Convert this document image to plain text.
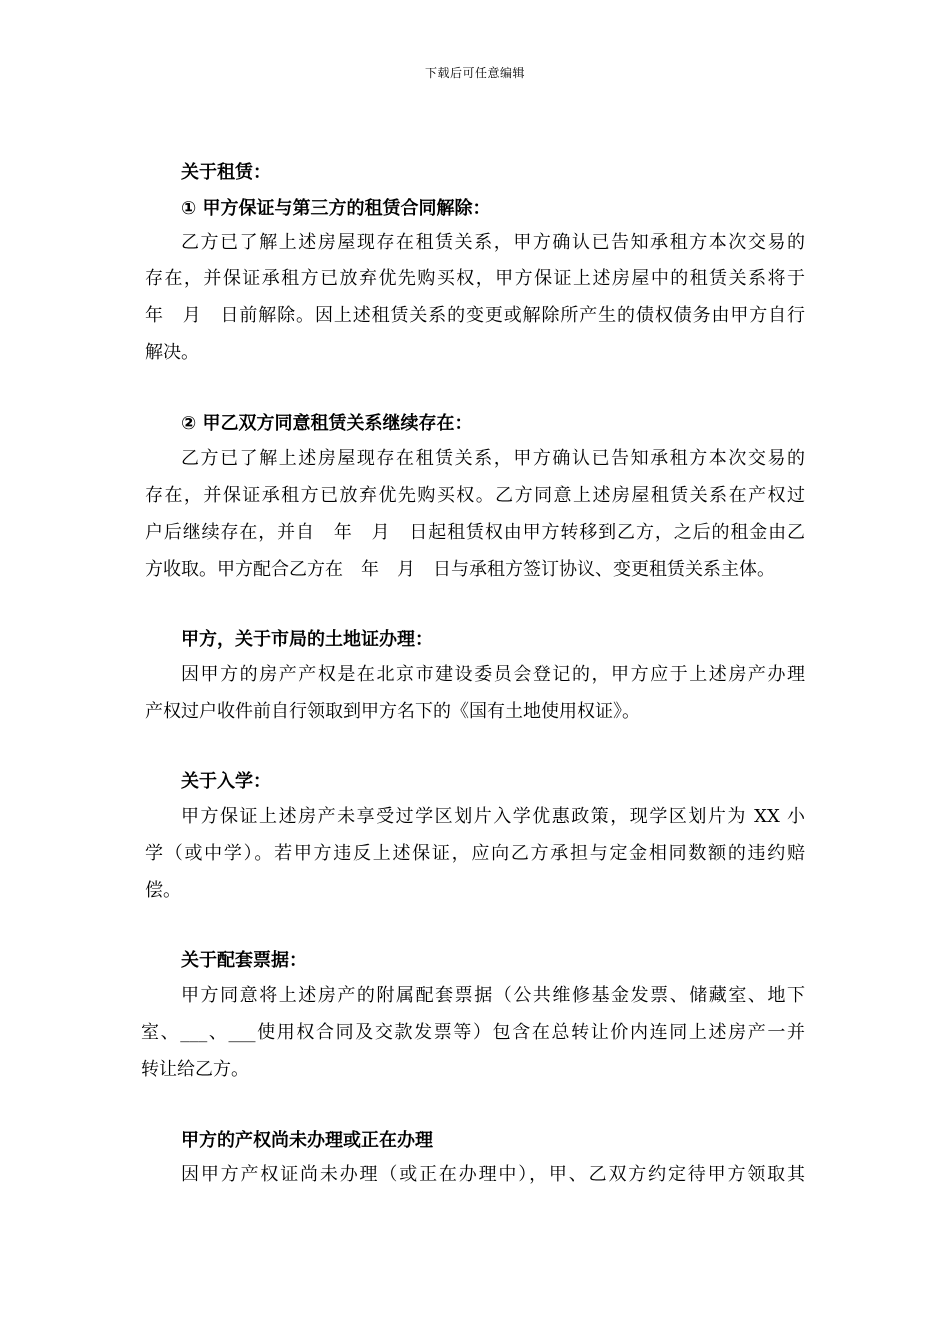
下载后可任意编辑
关于租赁：
① 甲方保证与第三方的租赁合同解除：
乙方已了解上述房屋现存在租赁关系，甲方确认已告知承租方本次交易的
存在，并保证承租方已放弃优先购买权，甲方保证上述房屋中的租赁关系将于
年　月　日前解除。因上述租赁关系的变更或解除所产生的债权债务由甲方自行
解决。
② 甲乙双方同意租赁关系继续存在：
乙方已了解上述房屋现存在租赁关系，甲方确认已告知承租方本次交易的
存在，并保证承租方已放弃优先购买权。乙方同意上述房屋租赁关系在产权过
户后继续存在，并自　年　月　日起租赁权由甲方转移到乙方，之后的租金由乙
方收取。甲方配合乙方在　年　月　日与承租方签订协议、变更租赁关系主体。
甲方，关于市局的土地证办理：
因甲方的房产产权是在北京市建设委员会登记的，甲方应于上述房产办理
产权过户收件前自行领取到甲方名下的《国有土地使用权证》。
关于入学：
甲方保证上述房产未享受过学区划片入学优惠政策，现学区划片为 XX 小
学（或中学）。若甲方违反上述保证，应向乙方承担与定金相同数额的违约赔
偿。
关于配套票据：
甲方同意将上述房产的附属配套票据（公共维修基金发票、储藏室、地下
室、___、___使用权合同及交款发票等）包含在总转让价内连同上述房产一并
转让给乙方。
甲方的产权尚未办理或正在办理
因甲方产权证尚未办理（或正在办理中），甲、乙双方约定待甲方领取其
